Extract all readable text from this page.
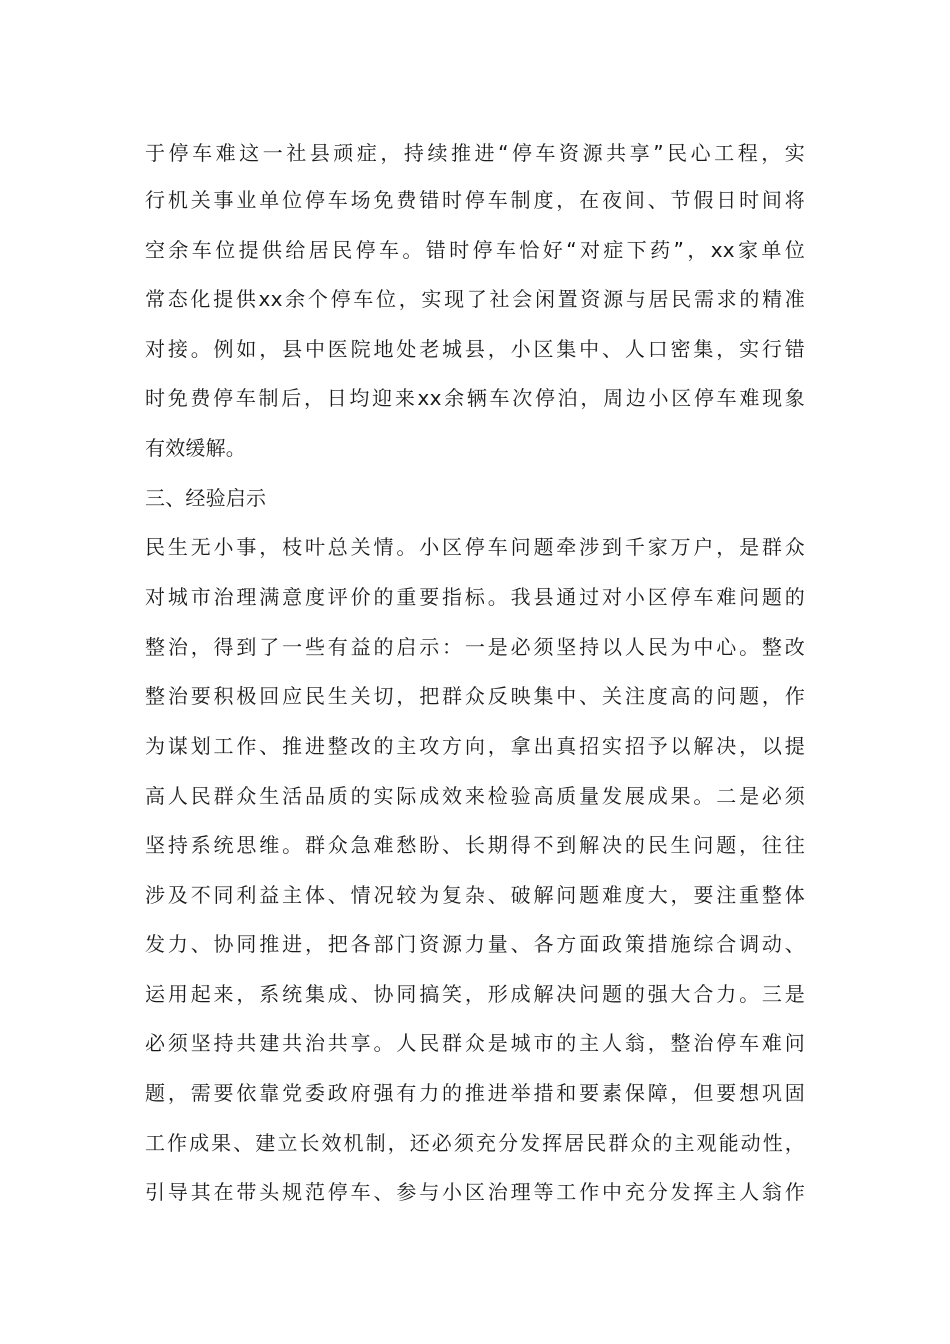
于停车难这一社县顽症，持续推进“停车资源共享”民心工程，实
行机关事业单位停车场免费错时停车制度，在夜间、节假日时间将
空余车位提供给居民停车。错时停车恰好“对症下药”，xx家单位
常态化提供xx余个停车位，实现了社会闲置资源与居民需求的精准
对接。例如，县中医院地处老城县，小区集中、人口密集，实行错
时免费停车制后，日均迎来xx余辆车次停泊，周边小区停车难现象
有效缓解。
三、经验启示
民生无小事，枝叶总关情。小区停车问题牵涉到千家万户，是群众
对城市治理满意度评价的重要指标。我县通过对小区停车难问题的
整治，得到了一些有益的启示：一是必须坚持以人民为中心。整改
整治要积极回应民生关切，把群众反映集中、关注度高的问题，作
为谋划工作、推进整改的主攻方向，拿出真招实招予以解决，以提
高人民群众生活品质的实际成效来检验高质量发展成果。二是必须
坚持系统思维。群众急难愁盼、长期得不到解决的民生问题，往往
涉及不同利益主体、情况较为复杂、破解问题难度大，要注重整体
发力、协同推进，把各部门资源力量、各方面政策措施综合调动、
运用起来，系统集成、协同搞笑，形成解决问题的强大合力。三是
必须坚持共建共治共享。人民群众是城市的主人翁，整治停车难问
题，需要依靠党委政府强有力的推进举措和要素保障，但要想巩固
工作成果、建立长效机制，还必须充分发挥居民群众的主观能动性，
引导其在带头规范停车、参与小区治理等工作中充分发挥主人翁作
